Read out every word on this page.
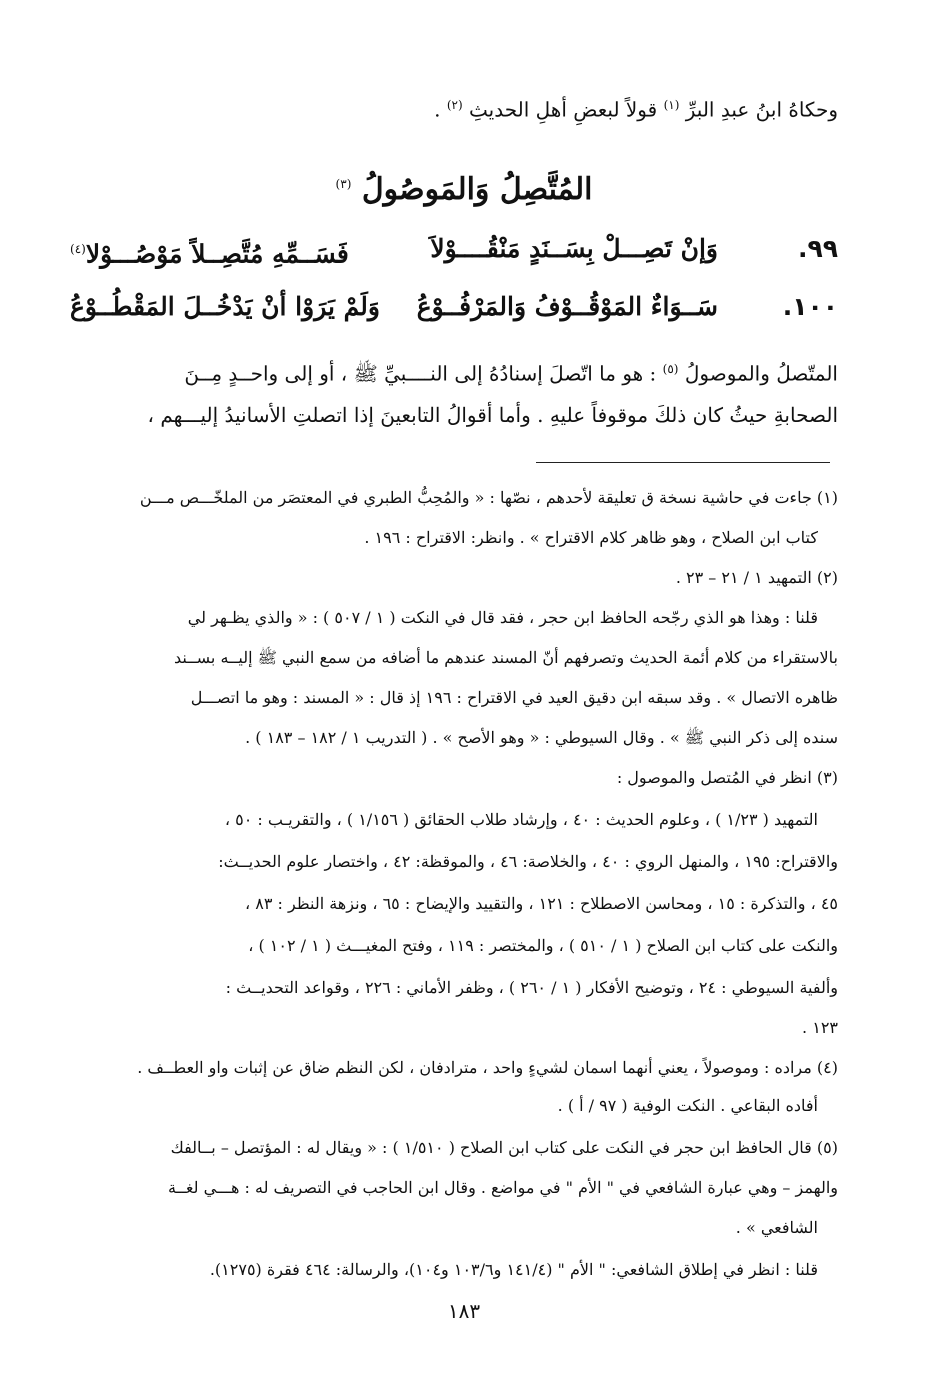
وحكاهُ ابنُ عبدِ البرِّ $^{(١)}$ قولاً لبعضِ أهلِ الحديثِ $^{(٢)}$ .
المُتَّصِلُ وَالمَوصُولُ $^{(٣)}$
٩٩.
وَإنْ تَصِـــلْ بِسَــنَدٍ مَنْقُــــوْلاَ
فَسَــمِّهِ مُتَّصِــلاً مَوْصُـــوْلا$^{(٤)}$
١٠٠.
سَــوَاءٌ المَوْقُــوْفُ وَالمَرْفُــوْعُ
وَلَمْ يَرَوْا أنْ يَدْخُــلَ المَقْطُــوْعُ
المتّصلُ والموصولُ $^{(٥)}$ : هو ما اتّصلَ إسنادُهُ إلى النــــبيِّ ﷺ ، أو إلى واحــدٍ مِــنَ
الصحابةِ حيثُ كان ذلكَ موقوفاً عليهِ . وأما أقوالُ التابعينَ إذا اتصلتِ الأسانيدُ إليـــهم ،
(١) جاءت في حاشية نسخة ق تعليقة لأحدهم ، نصّها : « والمُحِبُّ الطبري في المعتصَر من الملخّـــص مـــن
كتاب ابن الصلاح ، وهو ظاهر كلام الاقتراح » . وانظر: الاقتراح : ١٩٦ .
(٢) التمهيد ١ / ٢١ – ٢٣ .
قلنا : وهذا هو الذي رجّحه الحافظ ابن حجر ، فقد قال في النكت ( ١ / ٥٠٧ ) : « والذي يظـهر لي
بالاستقراء من كلام أئمة الحديث وتصرفهم أنّ المسند عندهم ما أضافه من سمع النبي ﷺ إليــه بســند
ظاهره الاتصال » . وقد سبقه ابن دقيق العيد في الاقتراح : ١٩٦ إذ قال : « المسند : وهو ما اتصـــل
سنده إلى ذكر النبي ﷺ » . وقال السيوطي : « وهو الأصح » . ( التدريب ١ / ١٨٢ – ١٨٣ ) .
(٣) انظر في المُتصل والموصول :
التمهيد ( ١/٢٣ ) ، وعلوم الحديث : ٤٠ ، وإرشاد طلاب الحقائق ( ١/١٥٦ ) ، والتقريـب : ٥٠ ،
والاقتراح: ١٩٥ ، والمنهل الروي : ٤٠ ، والخلاصة: ٤٦ ، والموقظة: ٤٢ ، واختصار علوم الحديــث:
٤٥ ، والتذكرة : ١٥ ، ومحاسن الاصطلاح : ١٢١ ، والتقييد والإيضاح : ٦٥ ، ونزهة النظر : ٨٣ ،
والنكت على كتاب ابن الصلاح ( ١ / ٥١٠ ) ، والمختصر : ١١٩ ، وفتح المغيـــث ( ١ / ١٠٢ ) ،
وألفية السيوطي : ٢٤ ، وتوضيح الأفكار ( ١ / ٢٦٠ ) ، وظفر الأماني : ٢٢٦ ، وقواعد التحديــث :
١٢٣ .
(٤) مراده : وموصولاً ، يعني أنهما اسمان لشيءٍ واحد ، مترادفان ، لكن النظم ضاق عن إثبات واو العطــف .
أفاده البقاعي . النكت الوفية ( ٩٧ / أ ) .
(٥) قال الحافظ ابن حجر في النكت على كتاب ابن الصلاح ( ١/٥١٠ ) : « ويقال له : المؤتصل – بــالفك
والهمز – وهي عبارة الشافعي في " الأم " في مواضع . وقال ابن الحاجب في التصريف له : هـــي لغــة
الشافعي » .
قلنا : انظر في إطلاق الشافعي: " الأم " (١٤١/٤ و١٠٣/٦ و١٠٤)، والرسالة: ٤٦٤ فقرة (١٢٧٥).
١٨٣
